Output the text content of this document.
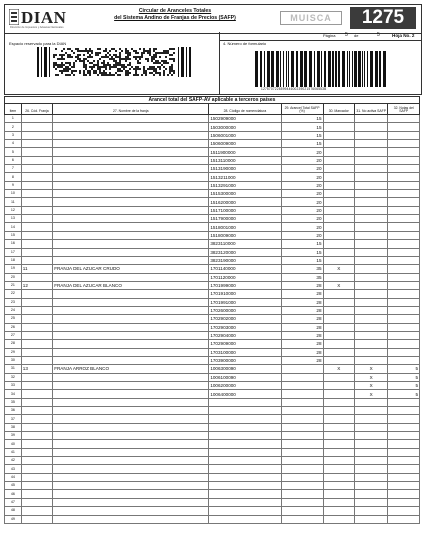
DIAN
Dirección de Impuestos y Aduanas Nacionales
Circular de Aranceles Totales
del Sistema Andino de Franjas de Precios (SAFP)	MUISCA	1275
Espacio reservado para la DIAN	4. Número de formulario
Página 5 de	5	Hoja No. 2
12757072285994460023902157606553B
Arancel total del SAFP-AV aplicable a terceros países							
Item	26. Cód. Franja	27. Nombre de la franja	28. Código de nomenclatura	29. Arancel Total SAFP (%)	30. Marcador	31. No activa SAFP	32. Notas del SAFP
1			1502909000	15			
2			1503000000	15			
3			1506001000	15			
4			1506009000	15			
5			1511900000	20			
6			1513110000	20			
7			1513190000	20			
8			1513211000	20			
9			1513291000	20			
10			1515300000	20			
11			1516200000	20			
12			1517100000	20			
13			1517900000	20			
14			1518001000	20			
15			1518009000	20			
16			3823110000	15			
17			3823120000	15			
18			3823190000	15			
19	11	FRANJA DEL AZUCAR CRUDO	1701140000	35	X		
20			1701120000	35			
21	12	FRANJA DEL AZUCAR BLANCO	1701999000	28	X		
22			1701910000	28			
23			1701991000	28			
24			1702600000	28			
25			1702902000	28			
26			1702903000	28			
27			1702904000	28			
28			1702909000	28			
29			1703100000	28			
30			1703900000	28			
31	13	FRANJA ARROZ BLANCO	1006300090		X	X	5
32			1006100090			X	5
33			1006200000			X	5
34			1006400000			X	5
35							
36							
37							
38							
39							
40							
41							
42							
43							
44							
45							
46							
47							
48							
49							
